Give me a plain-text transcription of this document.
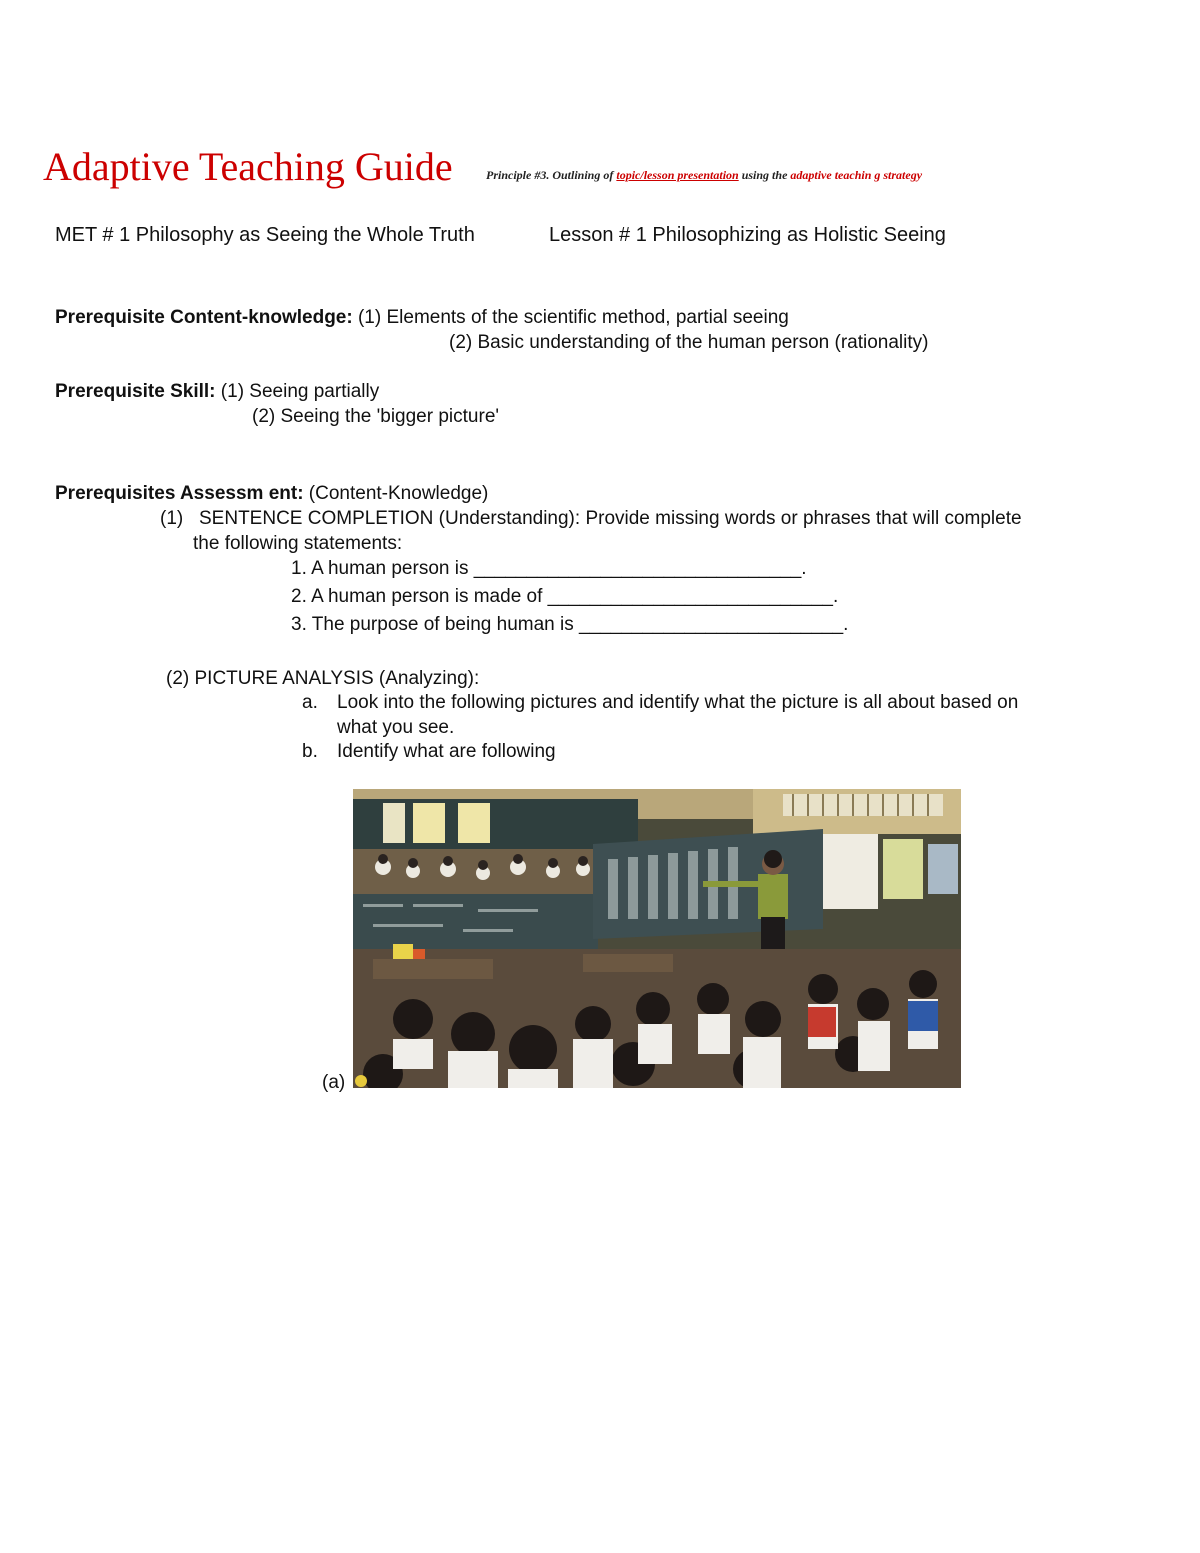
Adaptive Teaching Guide	Principle #3. Outlining of topic/lesson presentation using the adaptive teachin g strategy
MET # 1 Philosophy as Seeing the Whole Truth	Lesson # 1 Philosophizing as Holistic Seeing
Prerequisite Content-knowledge: (1) Elements of the scientific method, partial seeing
(2) Basic understanding of the human person (rationality)
Prerequisite Skill: (1) Seeing partially
(2) Seeing the 'bigger picture'
Prerequisites Assessm ent: (Content-Knowledge)
(1) SENTENCE COMPLETION (Understanding): Provide missing words or phrases that will complete
the following statements:
1. A human person is _______________________________.
2. A human person is made of ___________________________.
3. The purpose of being human is _________________________.
(2) PICTURE ANALYSIS (Analyzing):
a. Look into the following pictures and identify what the picture is all about based on
what you see.
b. Identify what are following
(a)
